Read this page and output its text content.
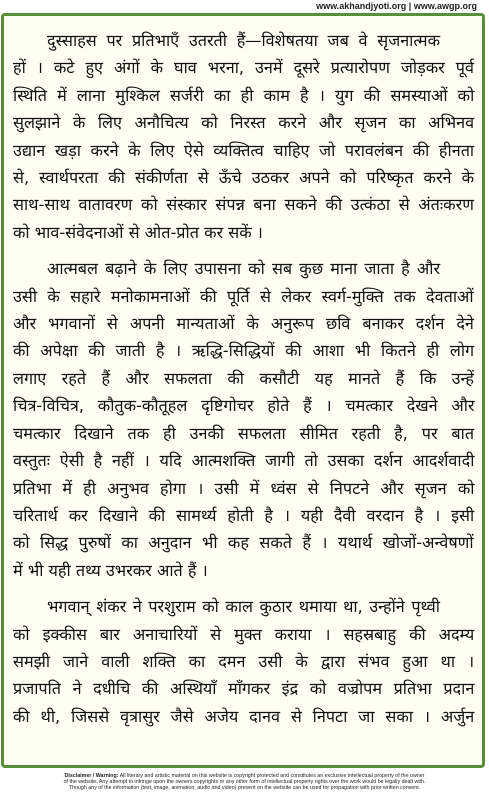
www.akhandjyoti.org | www.awgp.org
दुस्साहस पर प्रतिभाएँ उतरती हैं—विशेषतया जब वे सृजनात्मक
हों । कटे हुए अंगों के घाव भरना, उनमें दूसरे प्रत्यारोपण जोड़कर पूर्व
स्थिति में लाना मुश्किल सर्जरी का ही काम है । युग की समस्याओं को
सुलझाने के लिए अनौचित्य को निरस्त करने और सृजन का अभिनव
उद्यान खड़ा करने के लिए ऐसे व्यक्तित्व चाहिए जो परावलंबन की हीनता
से, स्वार्थपरता की संकीर्णता से ऊँचे उठकर अपने को परिष्कृत करने के
साथ-साथ वातावरण को संस्कार संपन्न बना सकने की उत्कंठा से अंतःकरण
को भाव-संवेदनाओं से ओत-प्रोत कर सकें ।
आत्मबल बढ़ाने के लिए उपासना को सब कुछ माना जाता है और
उसी के सहारे मनोकामनाओं की पूर्ति से लेकर स्वर्ग-मुक्ति तक देवताओं
और भगवानों से अपनी मान्यताओं के अनुरूप छवि बनाकर दर्शन देने
की अपेक्षा की जाती है । ऋद्धि-सिद्धियों की आशा भी कितने ही लोग
लगाए रहते हैं और सफलता की कसौटी यह मानते हैं कि उन्हें
चित्र-विचित्र, कौतुक-कौतूहल दृष्टिगोचर होते हैं । चमत्कार देखने और
चमत्कार दिखाने तक ही उनकी सफलता सीमित रहती है, पर बात
वस्तुतः ऐसी है नहीं । यदि आत्मशक्ति जागी तो उसका दर्शन आदर्शवादी
प्रतिभा में ही अनुभव होगा । उसी में ध्वंस से निपटने और सृजन को
चरितार्थ कर दिखाने की सामर्थ्य होती है । यही दैवी वरदान है । इसी
को सिद्ध पुरुषों का अनुदान भी कह सकते हैं । यथार्थ खोजों-अन्वेषणों
में भी यही तथ्य उभरकर आते हैं ।
भगवान् शंकर ने परशुराम को काल कुठार थमाया था, उन्होंने पृथ्वी
को इक्कीस बार अनाचारियों से मुक्त कराया । सहस्रबाहु की अदम्य
समझी जाने वाली शक्ति का दमन उसी के द्वारा संभव हुआ था ।
प्रजापति ने दधीचि की अस्थियाँ माँगकर इंद्र को वज्रोपम प्रतिभा प्रदान
की थी, जिससे वृत्रासुर जैसे अजेय दानव से निपटा जा सका । अर्जुन
Disclaimer / Warning: All literary and artistic material on this website is copyright protected and constitutes an exclusive intellectual property of the owner
of the website. Any attempt to infringe upon the owners copyrights or any other form of intellectual property rights over the work would be legally dealt with.
Though any of the information (text, image, animation, audio and video) present on the website can be used for propagation with prior written consent.
